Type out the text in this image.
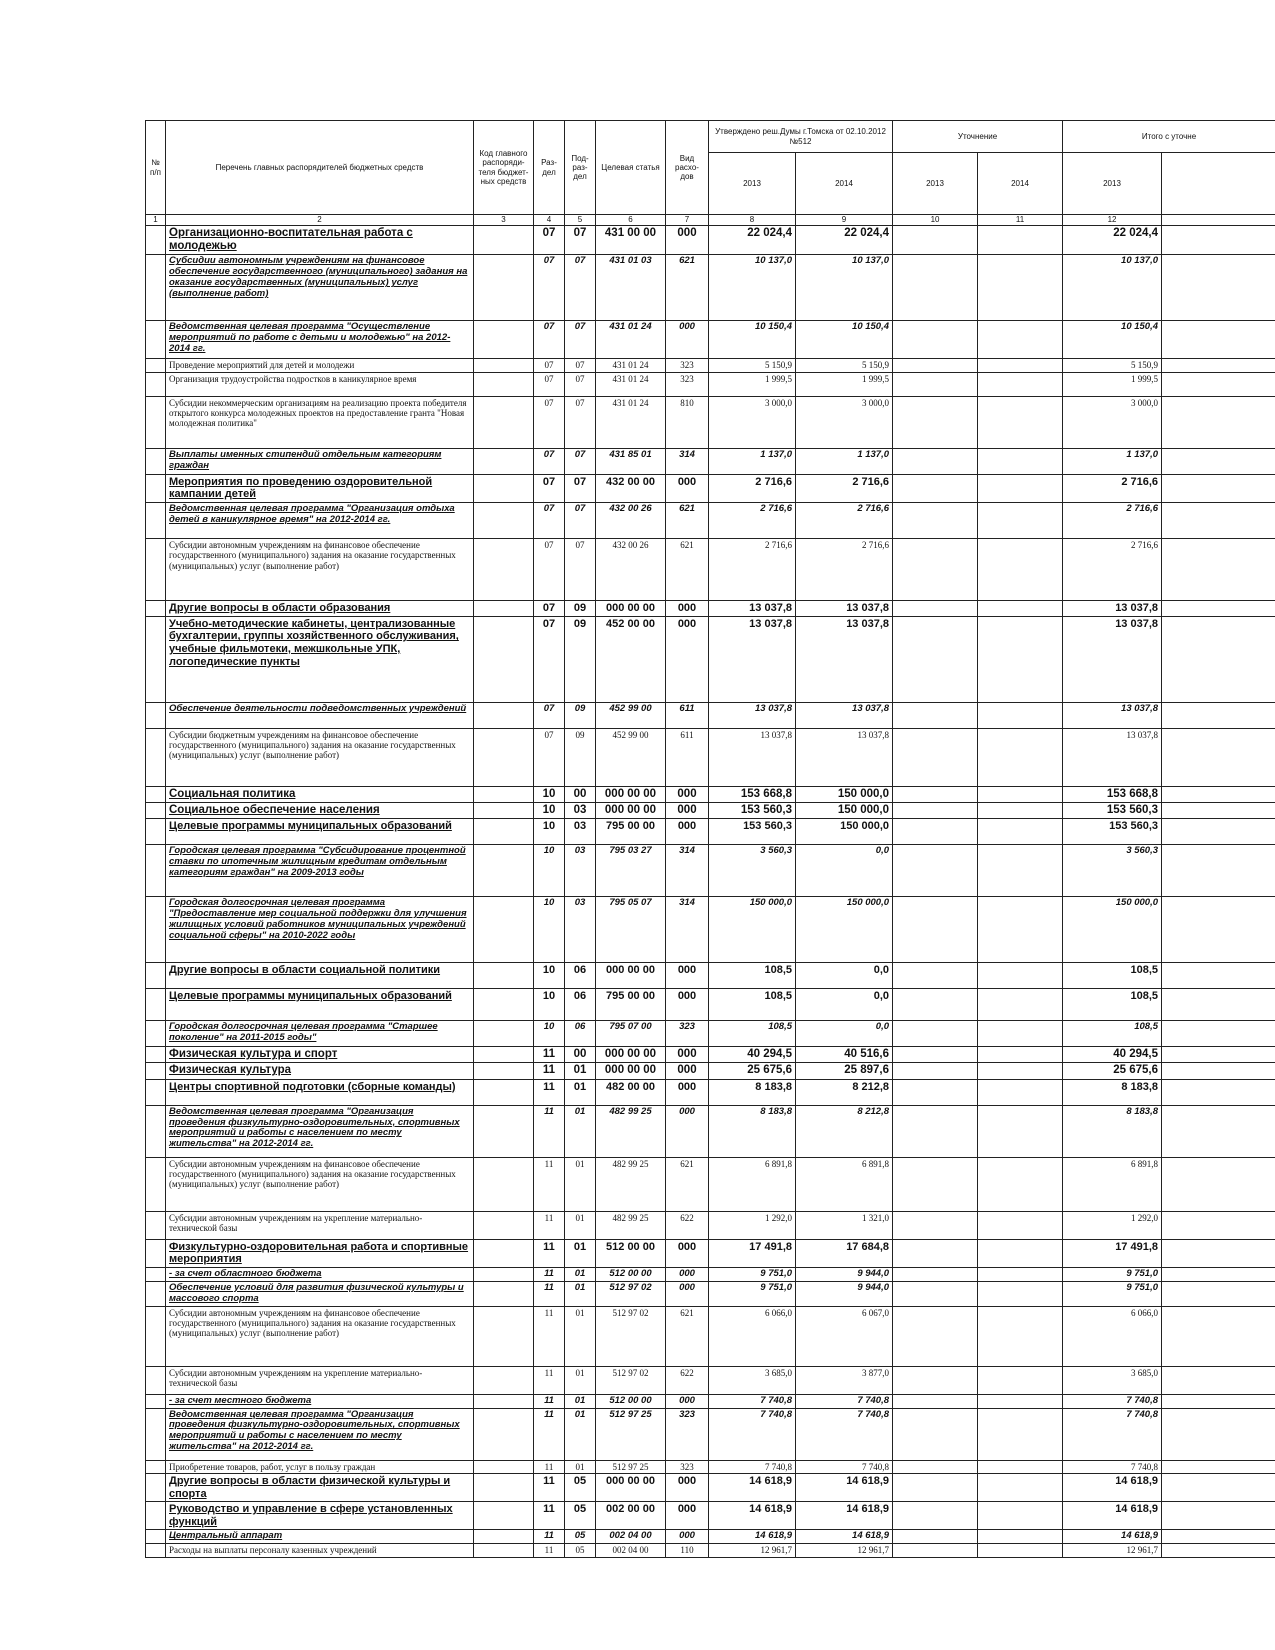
№ п/п	Перечень главных распорядителей бюджетных средств	Код главного распоряди-теля бюджет-ных средств	Раз-дел	Под-раз-дел	Целевая статья	Вид расхо-дов	Утверждено реш.Думы г.Томска от 02.10.2012 №512		Уточнение		Итого с уточне	
							2013	2014	2013	2014	2013	
1	2	3	4	5	6	7	8	9	10	11	12	
	Организационно-воспитательная работа с молодежью		07	07	431 00 00	000	22 024,4	22 024,4			22 024,4	
	Субсидии автономным учреждениям на финансовое обеспечение государственного (муниципального) задания на оказание государственных (муниципальных) услуг (выполнение работ)		07	07	431 01 03	621	10 137,0	10 137,0			10 137,0	
	Ведомственная целевая программа "Осуществление мероприятий по работе с детьми и молодежью" на 2012-2014 гг.		07	07	431 01 24	000	10 150,4	10 150,4			10 150,4	
	Проведение мероприятий для детей и молодежи		07	07	431 01 24	323	5 150,9	5 150,9			5 150,9	
	Организация трудоустройства подростков в каникулярное время		07	07	431 01 24	323	1 999,5	1 999,5			1 999,5	
	Субсидии некоммерческим организациям на реализацию проекта победителя открытого конкурса молодежных проектов на предоставление гранта "Новая молодежная политика"		07	07	431 01 24	810	3 000,0	3 000,0			3 000,0	
	Выплаты именных стипендий отдельным категориям граждан		07	07	431 85 01	314	1 137,0	1 137,0			1 137,0	
	Мероприятия по проведению оздоровительной кампании детей		07	07	432 00 00	000	2 716,6	2 716,6			2 716,6	
	Ведомственная целевая программа "Организация отдыха детей в каникулярное время" на 2012-2014 гг.		07	07	432 00 26	621	2 716,6	2 716,6			2 716,6	
	Субсидии автономным учреждениям на финансовое обеспечение государственного (муниципального) задания на оказание государственных (муниципальных) услуг (выполнение работ)		07	07	432 00 26	621	2 716,6	2 716,6			2 716,6	
	Другие вопросы в области образования		07	09	000 00 00	000	13 037,8	13 037,8			13 037,8	
	Учебно-методические кабинеты, централизованные бухгалтерии, группы хозяйственного обслуживания, учебные фильмотеки, межшкольные УПК, логопедические пункты		07	09	452 00 00	000	13 037,8	13 037,8			13 037,8	
	Обеспечение деятельности подведомственных учреждений		07	09	452 99 00	611	13 037,8	13 037,8			13 037,8	
	Субсидии бюджетным учреждениям на финансовое обеспечение государственного (муниципального) задания на оказание государственных (муниципальных) услуг (выполнение работ)		07	09	452 99 00	611	13 037,8	13 037,8			13 037,8	
	Социальная политика		10	00	000 00 00	000	153 668,8	150 000,0			153 668,8	
	Социальное обеспечение населения		10	03	000 00 00	000	153 560,3	150 000,0			153 560,3	
	Целевые программы муниципальных образований		10	03	795 00 00	000	153 560,3	150 000,0			153 560,3	
	Городская целевая программа "Субсидирование процентной ставки по ипотечным жилищным кредитам отдельным категориям граждан" на 2009-2013 годы		10	03	795 03 27	314	3 560,3	0,0			3 560,3	
	Городская долгосрочная целевая программа "Предоставление мер социальной поддержки для улучшения жилищных условий работников муниципальных учреждений социальной сферы" на 2010-2022 годы		10	03	795 05 07	314	150 000,0	150 000,0			150 000,0	
	Другие вопросы в области социальной политики		10	06	000 00 00	000	108,5	0,0			108,5	
	Целевые программы муниципальных образований		10	06	795 00 00	000	108,5	0,0			108,5	
	Городская долгосрочная целевая программа "Старшее поколение" на 2011-2015 годы"		10	06	795 07 00	323	108,5	0,0			108,5	
	Физическая культура и спорт		11	00	000 00 00	000	40 294,5	40 516,6			40 294,5	
	Физическая культура		11	01	000 00 00	000	25 675,6	25 897,6			25 675,6	
	Центры спортивной подготовки (сборные команды)		11	01	482 00 00	000	8 183,8	8 212,8			8 183,8	
	Ведомственная целевая программа "Организация проведения физкультурно-оздоровительных, спортивных мероприятий и работы с населением по месту жительства" на 2012-2014 гг.		11	01	482 99 25	000	8 183,8	8 212,8			8 183,8	
	Субсидии автономным учреждениям на финансовое обеспечение государственного (муниципального) задания на оказание государственных (муниципальных) услуг (выполнение работ)		11	01	482 99 25	621	6 891,8	6 891,8			6 891,8	
	Субсидии автономным учреждениям на укрепление материально-технической базы		11	01	482 99 25	622	1 292,0	1 321,0			1 292,0	
	Физкультурно-оздоровительная работа и спортивные мероприятия		11	01	512 00 00	000	17 491,8	17 684,8			17 491,8	
	- за счет областного бюджета		11	01	512 00 00	000	9 751,0	9 944,0			9 751,0	
	Обеспечение условий для развития физической культуры и массового спорта		11	01	512 97 02	000	9 751,0	9 944,0			9 751,0	
	Субсидии автономным учреждениям на финансовое обеспечение государственного (муниципального) задания на оказание государственных (муниципальных) услуг (выполнение работ)		11	01	512 97 02	621	6 066,0	6 067,0			6 066,0	
	Субсидии автономным учреждениям на укрепление материально-технической базы		11	01	512 97 02	622	3 685,0	3 877,0			3 685,0	
	- за счет местного бюджета		11	01	512 00 00	000	7 740,8	7 740,8			7 740,8	
	Ведомственная целевая программа "Организация проведения физкультурно-оздоровительных, спортивных мероприятий и работы с населением по месту жительства" на 2012-2014 гг.		11	01	512 97 25	323	7 740,8	7 740,8			7 740,8	
	Приобретение товаров, работ, услуг в пользу граждан		11	01	512 97 25	323	7 740,8	7 740,8			7 740,8	
	Другие вопросы в области физической культуры и спорта		11	05	000 00 00	000	14 618,9	14 618,9			14 618,9	
	Руководство и управление в сфере установленных функций		11	05	002 00 00	000	14 618,9	14 618,9			14 618,9	
	Центральный аппарат		11	05	002 04 00	000	14 618,9	14 618,9			14 618,9	
	Расходы на выплаты персоналу казенных учреждений		11	05	002 04 00	110	12 961,7	12 961,7			12 961,7	
